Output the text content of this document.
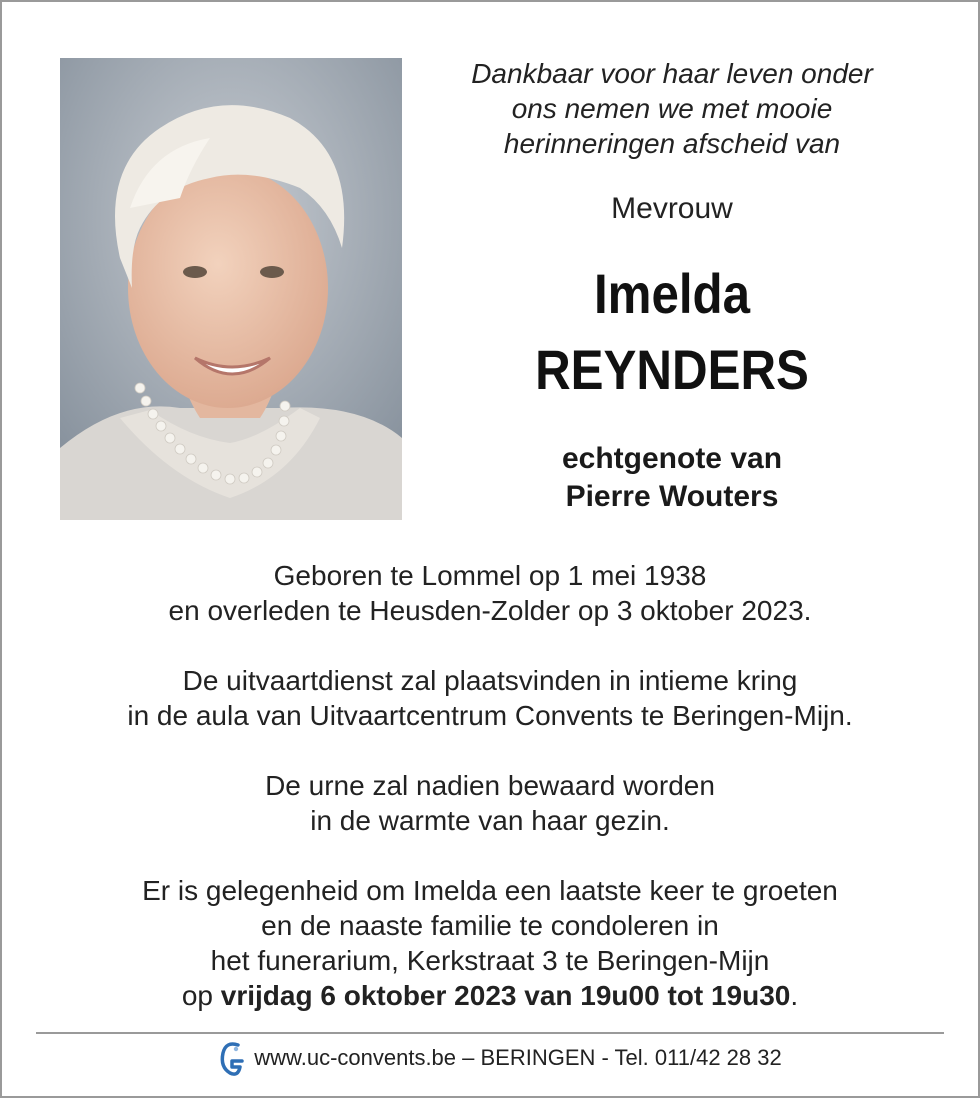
Dankbaar voor haar leven onder
ons nemen we met mooie
herinneringen afscheid van
Mevrouw
Imelda
REYNDERS
echtgenote van
Pierre Wouters
Geboren te Lommel op 1 mei 1938
en overleden te Heusden-Zolder op 3 oktober 2023.
De uitvaartdienst zal plaatsvinden in intieme kring
in de aula van Uitvaartcentrum Convents te Beringen-Mijn.
De urne zal nadien bewaard worden
in de warmte van haar gezin.
Er is gelegenheid om Imelda een laatste keer te groeten
en de naaste familie te condoleren in
het funerarium, Kerkstraat 3 te Beringen-Mijn
op vrijdag 6 oktober 2023 van 19u00 tot 19u30.
www.uc-convents.be – BERINGEN - Tel. 011/42 28 32
